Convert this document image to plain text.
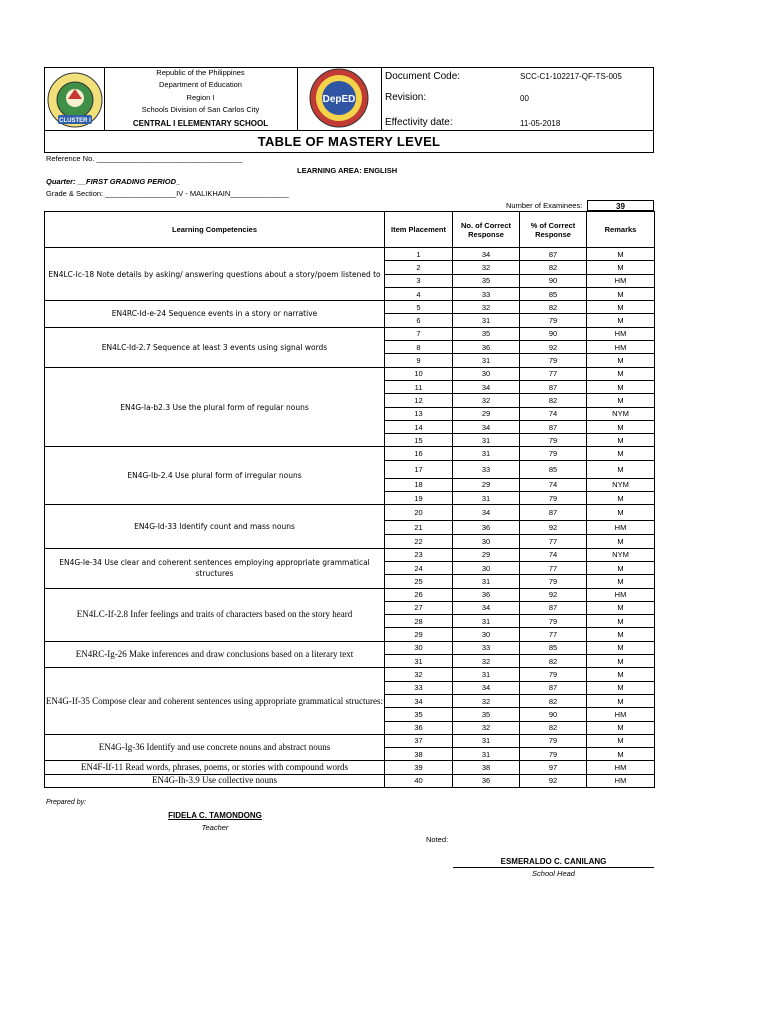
CLUSTER I
Republic of the Philippines
Department of Education
Region I
Schools Division of San Carlos City
CENTRAL I ELEMENTARY SCHOOL
DepED
Document Code:	SCC-C1-102217-QF-TS-005
Revision:	00
Effectivity date:	11-05-2018
TABLE OF MASTERY LEVEL
Reference No. ___________________________________
LEARNING AREA: ENGLISH
Quarter: __FIRST GRADING PERIOD_
Grade & Section: _________________IV - MALIKHAIN______________
Number of Examinees:	39
Learning Competencies	Item Placement	No. of Correct Response	% of Correct Response	Remarks
EN4LC-Ic-18 Note details by asking/ answering questions about a story/poem listened to	1	34	87	M
	2	32	82	M
	3	35	90	HM
	4	33	85	M
EN4RC-Id-e-24 Sequence events in a story or narrative	5	32	82	M
	6	31	79	M
EN4LC-Id-2.7 Sequence at least 3 events using signal words	7	35	90	HM
	8	36	92	HM
	9	31	79	M
EN4G-Ia-b2.3 Use the plural form of regular nouns	10	30	77	M
	11	34	87	M
	12	32	82	M
	13	29	74	NYM
	14	34	87	M
	15	31	79	M
EN4G-Ib-2.4 Use plural form of irregular nouns	16	31	79	M
	17	33	85	M
	18	29	74	NYM
	19	31	79	M
EN4G-Id-33 Identify count and mass nouns	20	34	87	M
	21	36	92	HM
	22	30	77	M
EN4G-Ie-34 Use clear and coherent sentences employing appropriate grammatical structures	23	29	74	NYM
	24	30	77	M
	25	31	79	M
EN4LC-If-2.8 Infer feelings and traits of characters based on the story heard	26	36	92	HM
	27	34	87	M
	28	31	79	M
	29	30	77	M
EN4RC-Ig-26 Make inferences and draw conclusions based on a literary text	30	33	85	M
	31	32	82	M
EN4G-If-35 Compose clear and coherent sentences using appropriate grammatical structures:	32	31	79	M
	33	34	87	M
	34	32	82	M
	35	35	90	HM
	36	32	82	M
EN4G-Ig-36 Identify and use concrete nouns and abstract nouns	37	31	79	M
	38	31	79	M
EN4F-If-11 Read words, phrases, poems, or stories with compound words	39	38	97	HM
EN4G-Ih-3.9 Use collective nouns	40	36	92	HM
Prepared by:
FIDELA C. TAMONDONG
Teacher
Noted:
ESMERALDO C. CANILANG
School Head
